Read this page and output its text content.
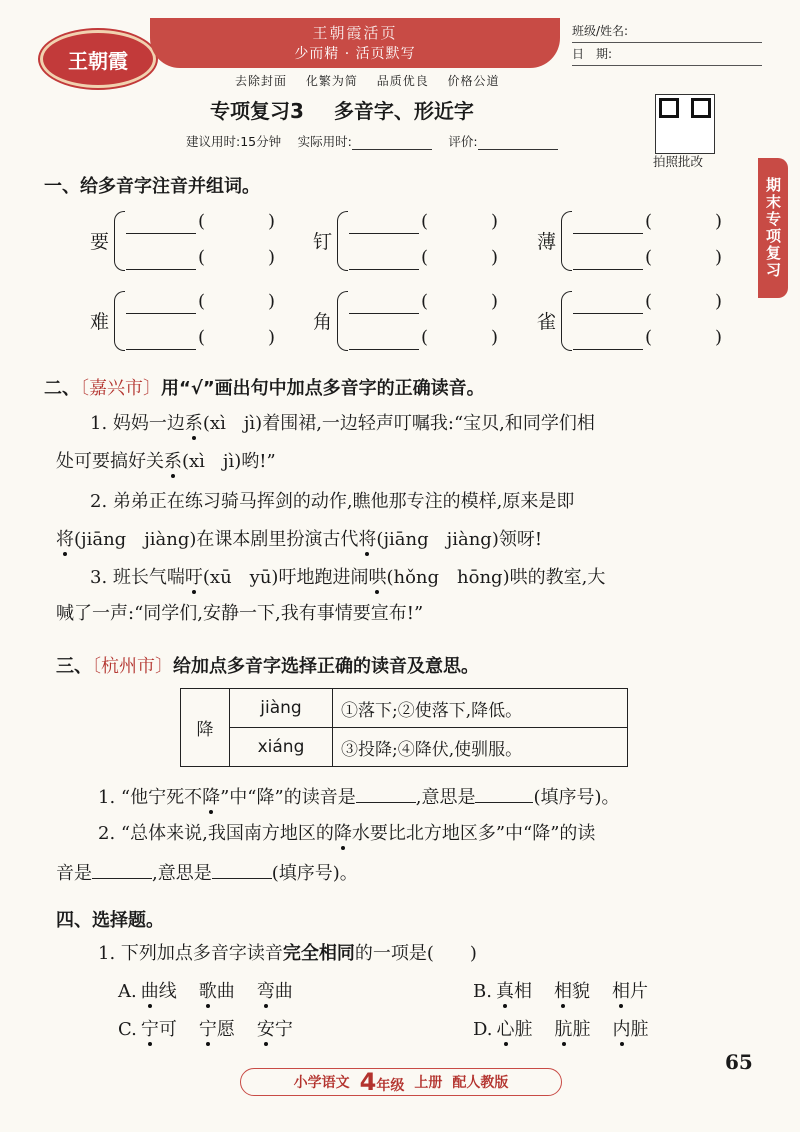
王朝霞
王朝霞活页
少而精 · 活页默写
去除封面 化繁为简 品质优良 价格公道
班级/姓名:
日　期:
专项复习3 多音字、形近字
建议用时:15分钟　 实际用时:　	评价:
拍照批改
期末专项复习
一、给多音字注音并组词。
要
(	)
(	)
钉
(	)
(	)
薄
(	)
(	)
难
(	)
(	)
角
(	)
(	)
雀
(	)
(	)
二、〔嘉兴市〕用“√”画出句中加点多音字的正确读音。
1. 妈妈一边系(xì　jì)着围裙,一边轻声叮嘱我:“宝贝,和同学们相
处可要搞好关系(xì　jì)哟!”
2. 弟弟正在练习骑马挥剑的动作,瞧他那专注的模样,原来是即
将(jiāng　jiàng)在课本剧里扮演古代将(jiāng　jiàng)领呀!
3. 班长气喘吁(xū　yū)吁地跑进闹哄(hǒng　hōng)哄的教室,大
喊了一声:“同学们,安静一下,我有事情要宣布!”
三、〔杭州市〕给加点多音字选择正确的读音及意思。
降	jiàng	①落下;②使落下,降低。
	xiáng	③投降;④降伏,使驯服。
1. “他宁死不降”中“降”的读音是	,意思是	(填序号)。
2. “总体来说,我国南方地区的降水要比北方地区多”中“降”的读
音是	,意思是	(填序号)。
四、选择题。
1. 下列加点多音字读音完全相同的一项是(　　)
A. 曲线 歌曲 弯曲	B. 真相 相貌 相片
C. 宁可 宁愿 安宁	D. 心脏 肮脏 内脏
小学语文 4年级 上册 配人教版
65
